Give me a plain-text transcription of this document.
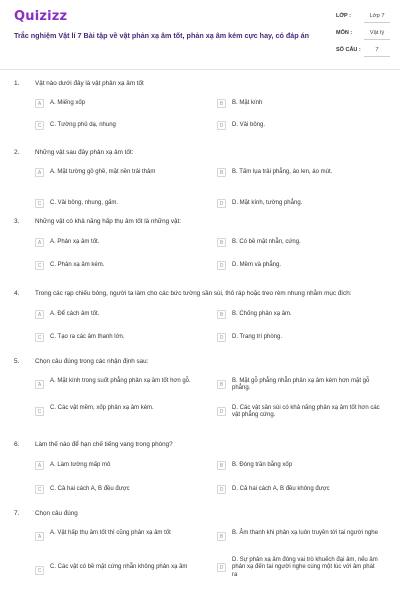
Quizizz
Trắc nghiệm Vật lí 7 Bài tập về vật phản xạ âm tốt, phản xạ âm kém cực hay, có đáp án
LỚP :	Lớp 7
MÔN :	Vật lý
SỐ CÂU :	7
1. Vật nào dưới đây là vật phản xạ âm tốt
A	A. Miếng xốp	B	B. Mặt kính
C	C. Tường phủ dạ, nhung	D	D. Vải bông.
2. Những vật sau đây phản xạ âm tốt:
A	A. Mặt tường gồ ghề, mặt nền trải thảm	B	B. Tấm lụa trải phẳng, áo len, áo mút.
C	C. Vải bông, nhung, gấm.	D	D. Mặt kính, tường phẳng.
3. Những vật có khả năng hấp thụ âm tốt là những vật:
A	A. Phản xạ âm tốt.	B	B. Có bề mặt nhẵn, cứng.
C	C. Phản xạ âm kém.	D	D. Mềm và phẳng.
4. Trong các rạp chiếu bóng, người ta làm cho các bức tường sần sùi, thô ráp hoặc treo rèm nhung nhằm mục đích:
A	A. Để cách âm tốt.	B	B. Chống phản xạ âm.
C	C. Tạo ra các âm thanh lớn.	D	D. Trang trí phòng.
5. Chọn câu đúng trong các nhận định sau:
A
A. Mặt kính trong suốt phẳng phản xạ âm tốt hơn gỗ.
B
B. Mặt gỗ phẳng nhẵn phản xạ âm kém hơn mặt gỗ phẳng.
C
C. Các vật mềm, xốp phản xạ âm kém.
D
D. Các vật sần sùi có khả năng phản xạ âm tốt hơn các vật phẳng cứng.
6. Làm thế nào để hạn chế tiếng vang trong phòng?
A	A. Làm tường mấp mô	B	B. Đóng trần bằng xốp
C	C. Cả hai cách A, B đều được	D	D. Cả hai cách A, B đều không được
7. Chọn câu đúng
A
A. Vật hấp thụ âm tốt thì cũng phản xạ âm tốt
B
B. Âm thanh khi phản xạ luôn truyền tới tai người nghe
C
C. Các vật có bề mặt cứng nhẵn không phản xạ âm	D
D. Sự phản xạ âm đóng vai trò khuếch đại âm, nếu âm phản xạ đến tai người nghe cùng một lúc với âm phát ra
